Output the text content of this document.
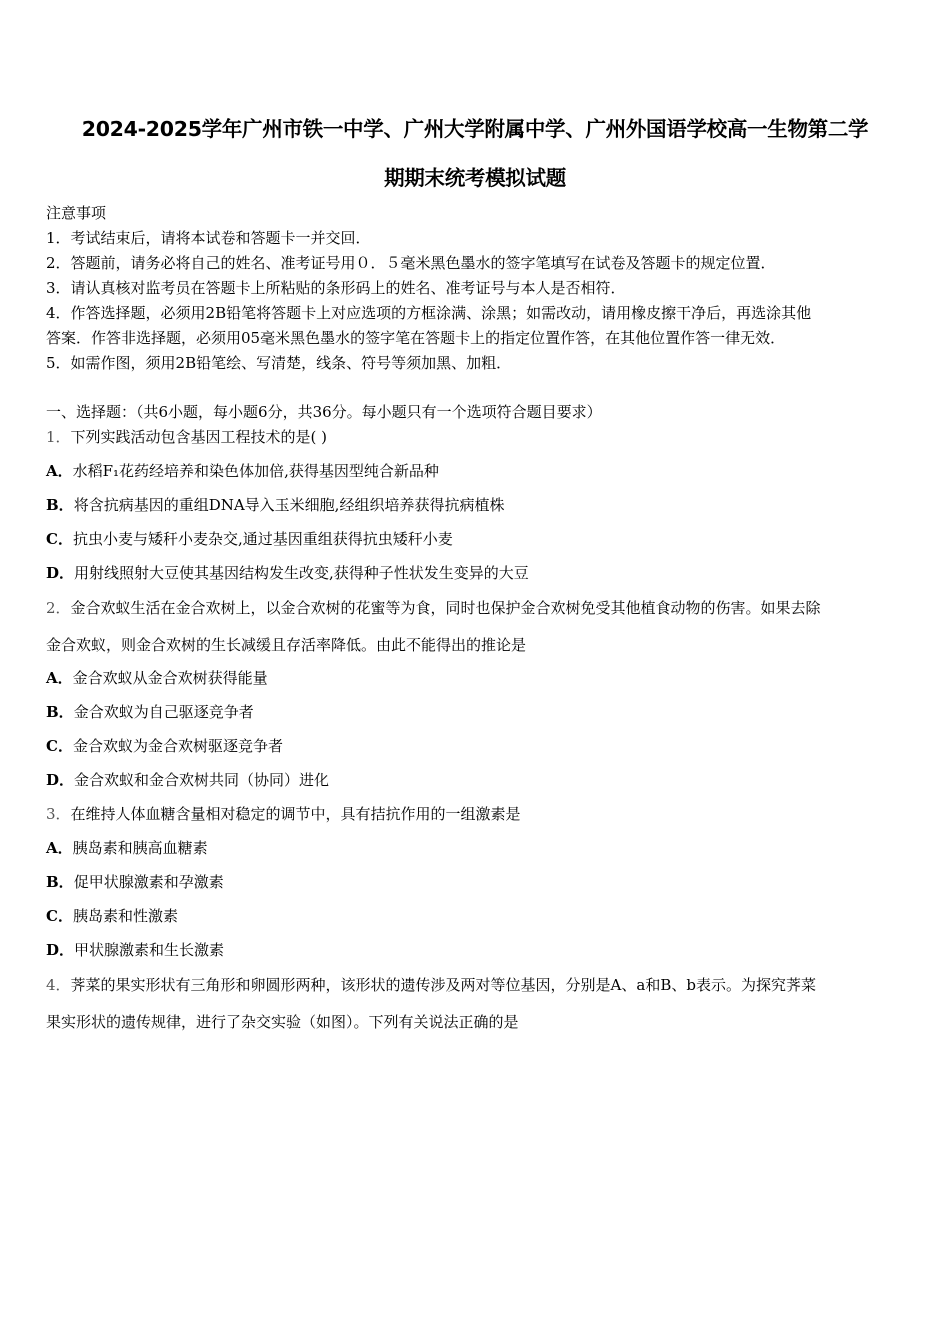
2024-2025学年广州市铁一中学、广州大学附属中学、广州外国语学校高一生物第二学
期期末统考模拟试题
注意事项
1．考试结束后，请将本试卷和答题卡一并交回．
2．答题前，请务必将自己的姓名、准考证号用０．５毫米黑色墨水的签字笔填写在试卷及答题卡的规定位置．
3．请认真核对监考员在答题卡上所粘贴的条形码上的姓名、准考证号与本人是否相符．
4．作答选择题，必须用2B铅笔将答题卡上对应选项的方框涂满、涂黑；如需改动，请用橡皮擦干净后，再选涂其他
答案．作答非选择题，必须用05毫米黑色墨水的签字笔在答题卡上的指定位置作答，在其他位置作答一律无效．
5．如需作图，须用2B铅笔绘、写清楚，线条、符号等须加黑、加粗．
一、选择题：（共6小题，每小题6分，共36分。每小题只有一个选项符合题目要求）
1．下列实践活动包含基因工程技术的是( )
A．水稻F₁花药经培养和染色体加倍,获得基因型纯合新品种
B．将含抗病基因的重组DNA导入玉米细胞,经组织培养获得抗病植株
C．抗虫小麦与矮秆小麦杂交,通过基因重组获得抗虫矮秆小麦
D．用射线照射大豆使其基因结构发生改变,获得种子性状发生变异的大豆
2．金合欢蚁生活在金合欢树上，以金合欢树的花蜜等为食，同时也保护金合欢树免受其他植食动物的伤害。如果去除
金合欢蚁，则金合欢树的生长减缓且存活率降低。由此不能得出的推论是
A．金合欢蚁从金合欢树获得能量
B．金合欢蚁为自己驱逐竞争者
C．金合欢蚁为金合欢树驱逐竞争者
D．金合欢蚁和金合欢树共同（协同）进化
3．在维持人体血糖含量相对稳定的调节中，具有拮抗作用的一组激素是
A．胰岛素和胰高血糖素
B．促甲状腺激素和孕激素
C．胰岛素和性激素
D．甲状腺激素和生长激素
4．荠菜的果实形状有三角形和卵圆形两种，该形状的遗传涉及两对等位基因，分别是A、a和B、b表示。为探究荠菜
果实形状的遗传规律，进行了杂交实验（如图）。下列有关说法正确的是
